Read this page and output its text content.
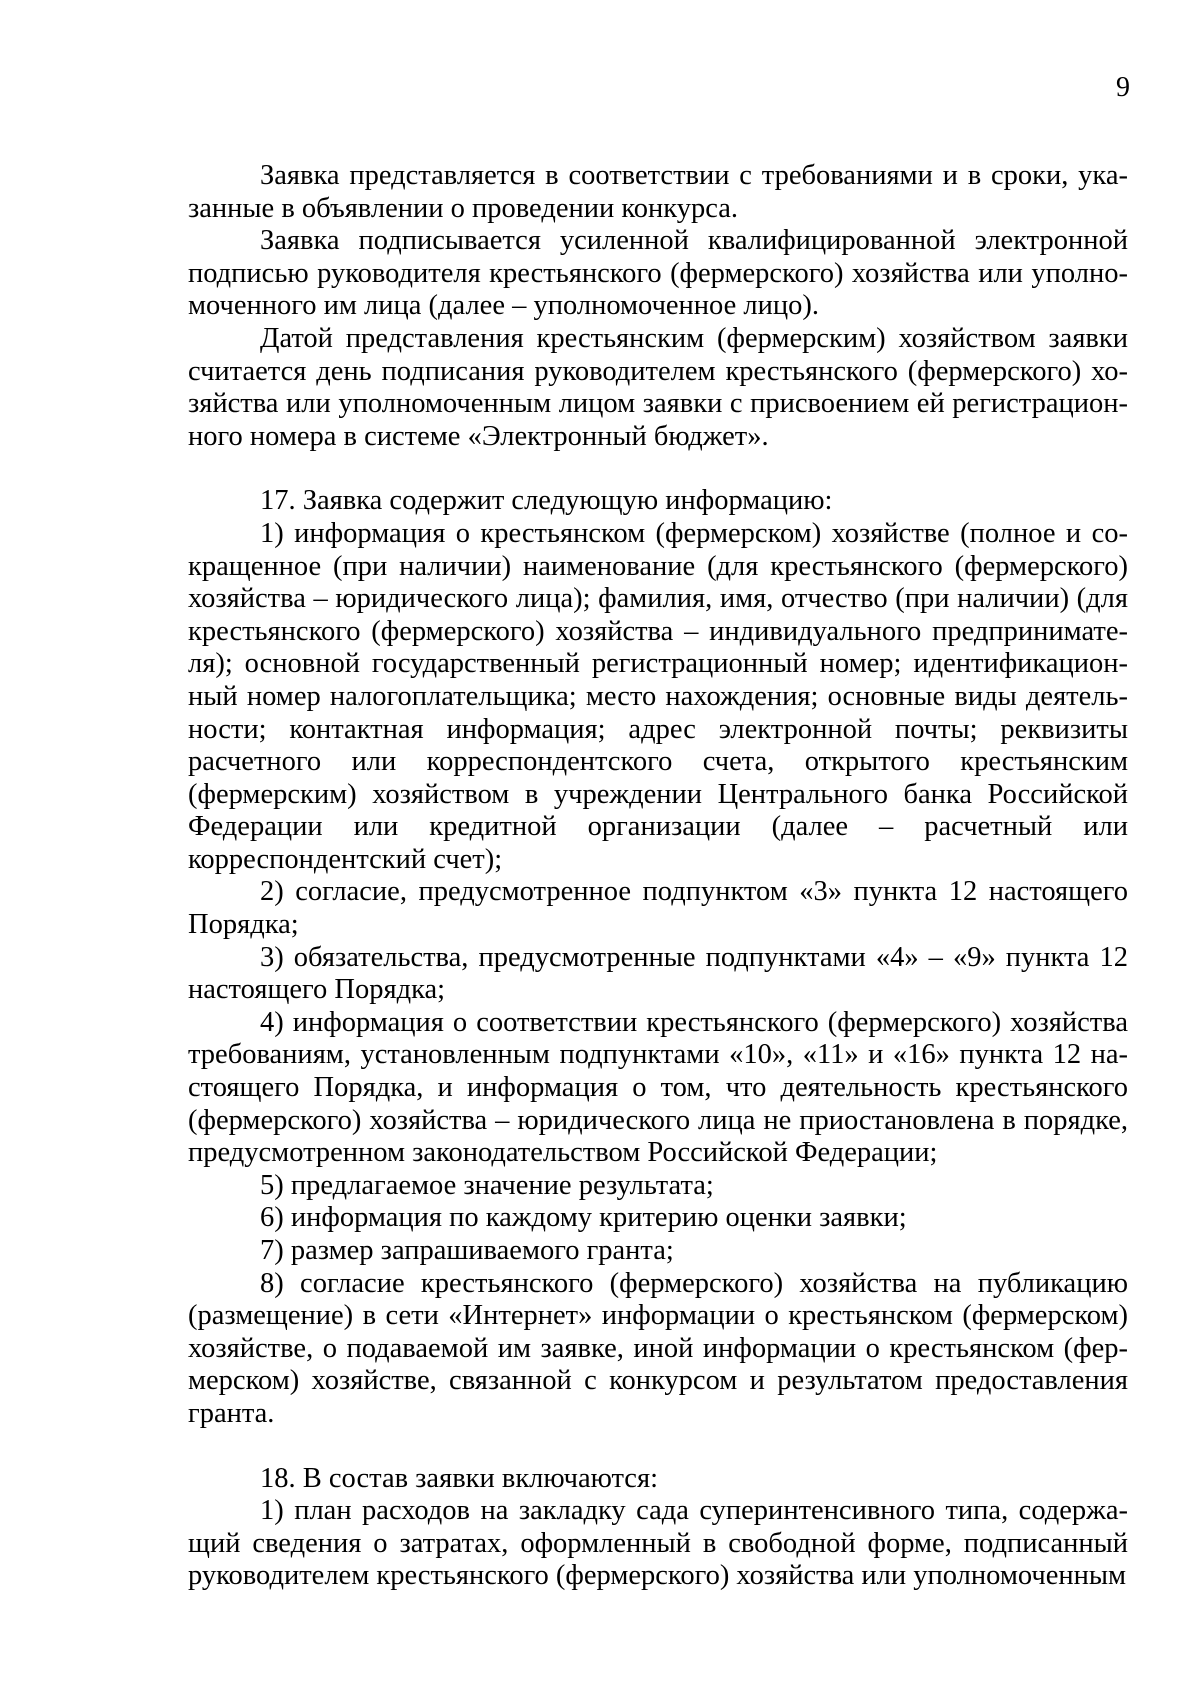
9

Заявка представляется в соответствии с требованиями и в сроки, указанные в объявлении о проведении конкурса.

Заявка подписывается усиленной квалифицированной электронной подписью руководителя крестьянского (фермерского) хозяйства или уполномоченного им лица (далее – уполномоченное лицо).

Датой представления крестьянским (фермерским) хозяйством заявки считается день подписания руководителем крестьянского (фермерского) хозяйства или уполномоченным лицом заявки с присвоением ей регистрационного номера в системе «Электронный бюджет».

17. Заявка содержит следующую информацию:

1) информация о крестьянском (фермерском) хозяйстве (полное и сокращенное (при наличии) наименование (для крестьянского (фермерского) хозяйства – юридического лица); фамилия, имя, отчество (при наличии) (для крестьянского (фермерского) хозяйства – индивидуального предпринимателя); основной государственный регистрационный номер; идентификационный номер налогоплательщика; место нахождения; основные виды деятельности; контактная информация; адрес электронной почты; реквизиты расчетного или корреспондентского счета, открытого крестьянским (фермерским) хозяйством в учреждении Центрального банка Российской Федерации или кредитной организации (далее – расчетный или корреспондентский счет);

2) согласие, предусмотренное подпунктом «3» пункта 12 настоящего Порядка;

3) обязательства, предусмотренные подпунктами «4» – «9» пункта 12 настоящего Порядка;

4) информация о соответствии крестьянского (фермерского) хозяйства требованиям, установленным подпунктами «10», «11» и «16» пункта 12 настоящего Порядка, и информация о том, что деятельность крестьянского (фермерского) хозяйства – юридического лица не приостановлена в порядке, предусмотренном законодательством Российской Федерации;

5) предлагаемое значение результата;

6) информация по каждому критерию оценки заявки;

7) размер запрашиваемого гранта;

8) согласие крестьянского (фермерского) хозяйства на публикацию (размещение) в сети «Интернет» информации о крестьянском (фермерском) хозяйстве, о подаваемой им заявке, иной информации о крестьянском (фермерском) хозяйстве, связанной с конкурсом и результатом предоставления гранта.

18. В состав заявки включаются:

1) план расходов на закладку сада суперинтенсивного типа, содержащий сведения о затратах, оформленный в свободной форме, подписанный руководителем крестьянского (фермерского) хозяйства или уполномоченным
